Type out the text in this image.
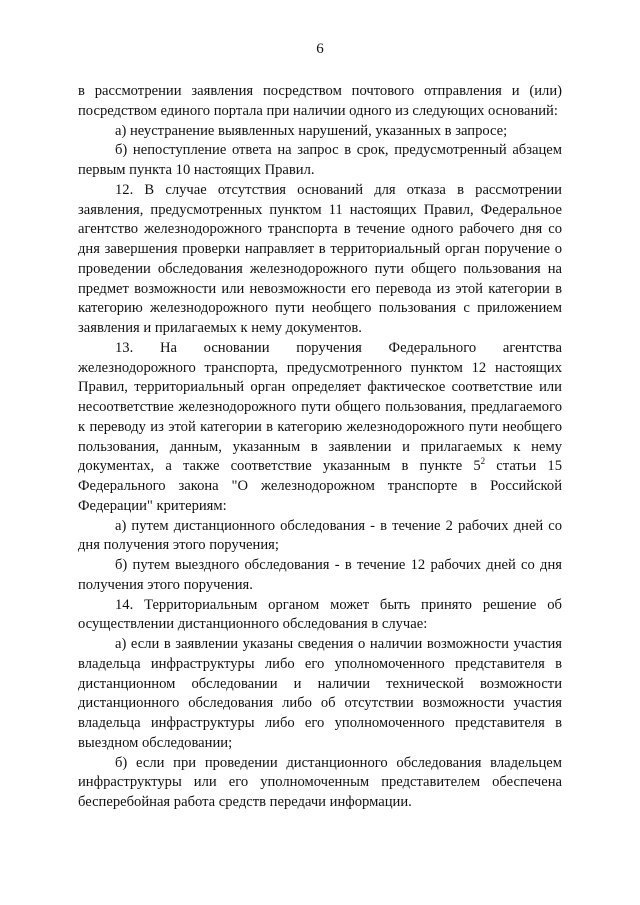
6

в рассмотрении заявления посредством почтового отправления и (или) посредством единого портала при наличии одного из следующих оснований:

а) неустранение выявленных нарушений, указанных в запросе;

б) непоступление ответа на запрос в срок, предусмотренный абзацем первым пункта 10 настоящих Правил.

12. В случае отсутствия оснований для отказа в рассмотрении заявления, предусмотренных пунктом 11 настоящих Правил, Федеральное агентство железнодорожного транспорта в течение одного рабочего дня со дня завершения проверки направляет в территориальный орган поручение о проведении обследования железнодорожного пути общего пользования на предмет возможности или невозможности его перевода из этой категории в категорию железнодорожного пути необщего пользования с приложением заявления и прилагаемых к нему документов.

13. На основании поручения Федерального агентства железнодорожного транспорта, предусмотренного пунктом 12 настоящих Правил, территориальный орган определяет фактическое соответствие или несоответствие железнодорожного пути общего пользования, предлагаемого к переводу из этой категории в категорию железнодорожного пути необщего пользования, данным, указанным в заявлении и прилагаемых к нему документах, а также соответствие указанным в пункте $5^2$ статьи 15 Федерального закона "О железнодорожном транспорте в Российской Федерации" критериям:

а) путем дистанционного обследования - в течение 2 рабочих дней со дня получения этого поручения;

б) путем выездного обследования - в течение 12 рабочих дней со дня получения этого поручения.

14. Территориальным органом может быть принято решение об осуществлении дистанционного обследования в случае:

а) если в заявлении указаны сведения о наличии возможности участия владельца инфраструктуры либо его уполномоченного представителя в дистанционном обследовании и наличии технической возможности дистанционного обследования либо об отсутствии возможности участия владельца инфраструктуры либо его уполномоченного представителя в выездном обследовании;

б) если при проведении дистанционного обследования владельцем инфраструктуры или его уполномоченным представителем обеспечена бесперебойная работа средств передачи информации.
